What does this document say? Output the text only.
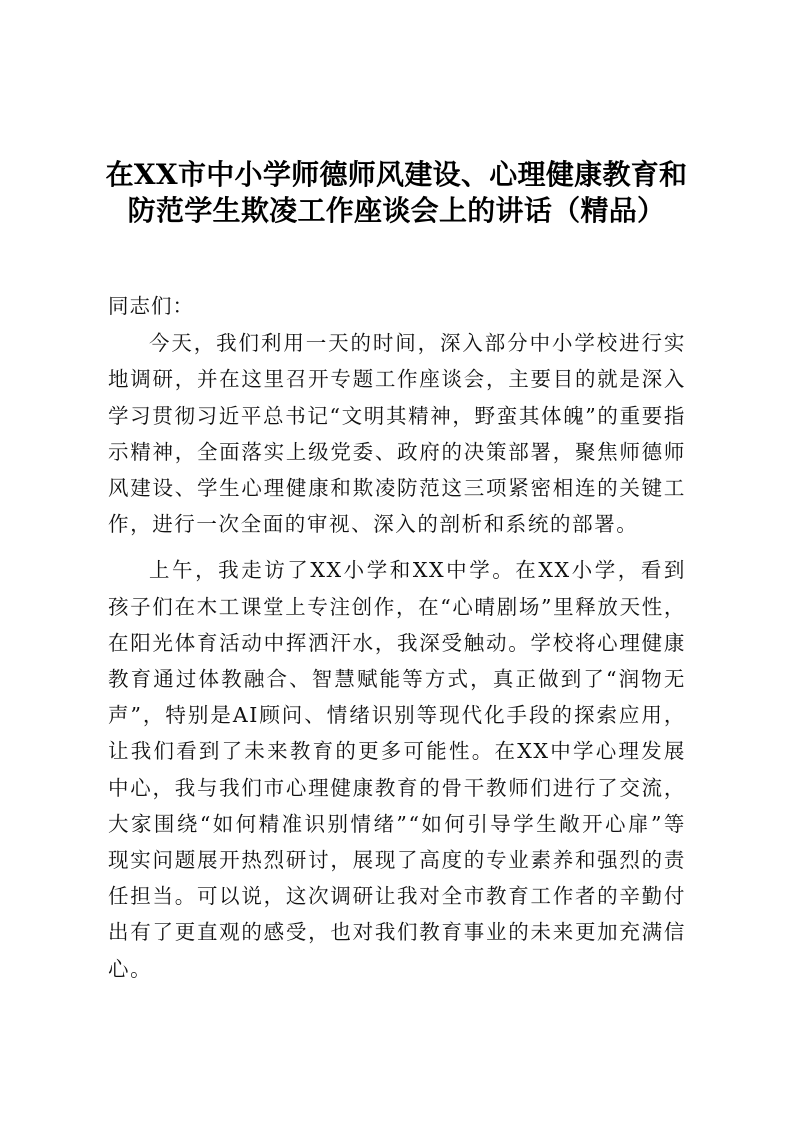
在XX市中小学师德师风建设、心理健康教育和防范学生欺凌工作座谈会上的讲话（精品）

同志们：

今天，我们利用一天的时间，深入部分中小学校进行实地调研，并在这里召开专题工作座谈会，主要目的就是深入学习贯彻习近平总书记“文明其精神，野蛮其体魄”的重要指示精神，全面落实上级党委、政府的决策部署，聚焦师德师风建设、学生心理健康和欺凌防范这三项紧密相连的关键工作，进行一次全面的审视、深入的剖析和系统的部署。

上午，我走访了XX小学和XX中学。在XX小学，看到孩子们在木工课堂上专注创作，在“心晴剧场”里释放天性，在阳光体育活动中挥洒汗水，我深受触动。学校将心理健康教育通过体教融合、智慧赋能等方式，真正做到了“润物无声”，特别是AI顾问、情绪识别等现代化手段的探索应用，让我们看到了未来教育的更多可能性。在XX中学心理发展中心，我与我们市心理健康教育的骨干教师们进行了交流，大家围绕“如何精准识别情绪”“如何引导学生敞开心扉”等现实问题展开热烈研讨，展现了高度的专业素养和强烈的责任担当。可以说，这次调研让我对全市教育工作者的辛勤付出有了更直观的感受，也对我们教育事业的未来更加充满信心。
